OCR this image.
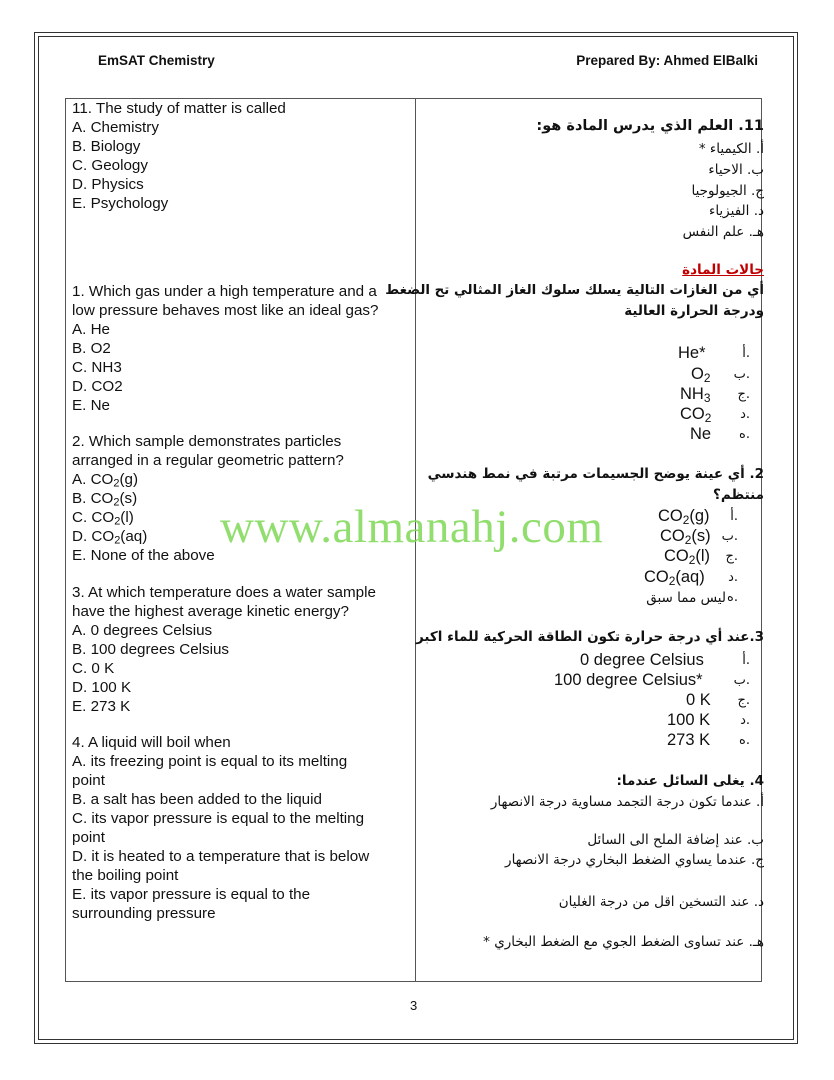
EmSAT Chemistry	Prepared By: Ahmed ElBalki
11. The study of matter is called
A. Chemistry
B. Biology
C. Geology
D. Physics
E. Psychology
1. Which gas under a high temperature and a
low pressure behaves most like an ideal gas?
A. He
B. O2
C. NH3
D. CO2
E. Ne
2. Which sample demonstrates particles
arranged in a regular geometric pattern?
A. $CO_2(g)$
B. $CO_2(s)$
C. $CO_2(l)$
D. $CO_2(aq)$
E. None of the above
3. At which temperature does a water sample
have the highest average kinetic energy?
A. 0 degrees Celsius
B. 100 degrees Celsius
C. 0 K
D. 100 K
E. 273 K
4. A liquid will boil when
A. its freezing point is equal to its melting
point
B. a salt has been added to the liquid
C. its vapor pressure is equal to the melting
point
D. it is heated to a temperature that is below
the boiling point
E. its vapor pressure is equal to the
surrounding pressure
11. العلم الذي يدرس المادة هو:
أ. الكيمياء *
ب. الاحياء
ج. الجيولوجيا
د. الفيزياء
هـ. علم النفس
حالات المادة
أي من الغازات التالية يسلك سلوك الغاز المثالي تح الضغط
ودرجة الحرارة العالية
أ.
ب.
ج.
د.
ه.
He*
$O_2$
$NH_3$
$CO_2$
Ne
2. أي عينة يوضح الجسيمات مرتبة في نمط هندسي
منتظم؟
أ.
ب.
ج.
د.
ه.
$CO_2(g)$
$CO_2(s)$
$CO_2(l)$
$CO_2(aq)$
ليس مما سبق
3.عند أي درجة حرارة تكون الطاقة الحركية للماء اكبر
أ.
ب.
ج.
د.
ه.
0 degree Celsius
100 degree Celsius*
0 K
100 K
273 K
4. يغلى السائل عندما:
أ. عندما تكون درجة التجمد مساوية درجة الانصهار
ب. عند إضافة الملح الى السائل
ج. عندما يساوي الضغط البخاري درجة الانصهار
د. عند التسخين اقل من درجة الغليان
هـ. عند تساوى الضغط الجوي مع الضغط البخاري *
www.almanahj.com
3
